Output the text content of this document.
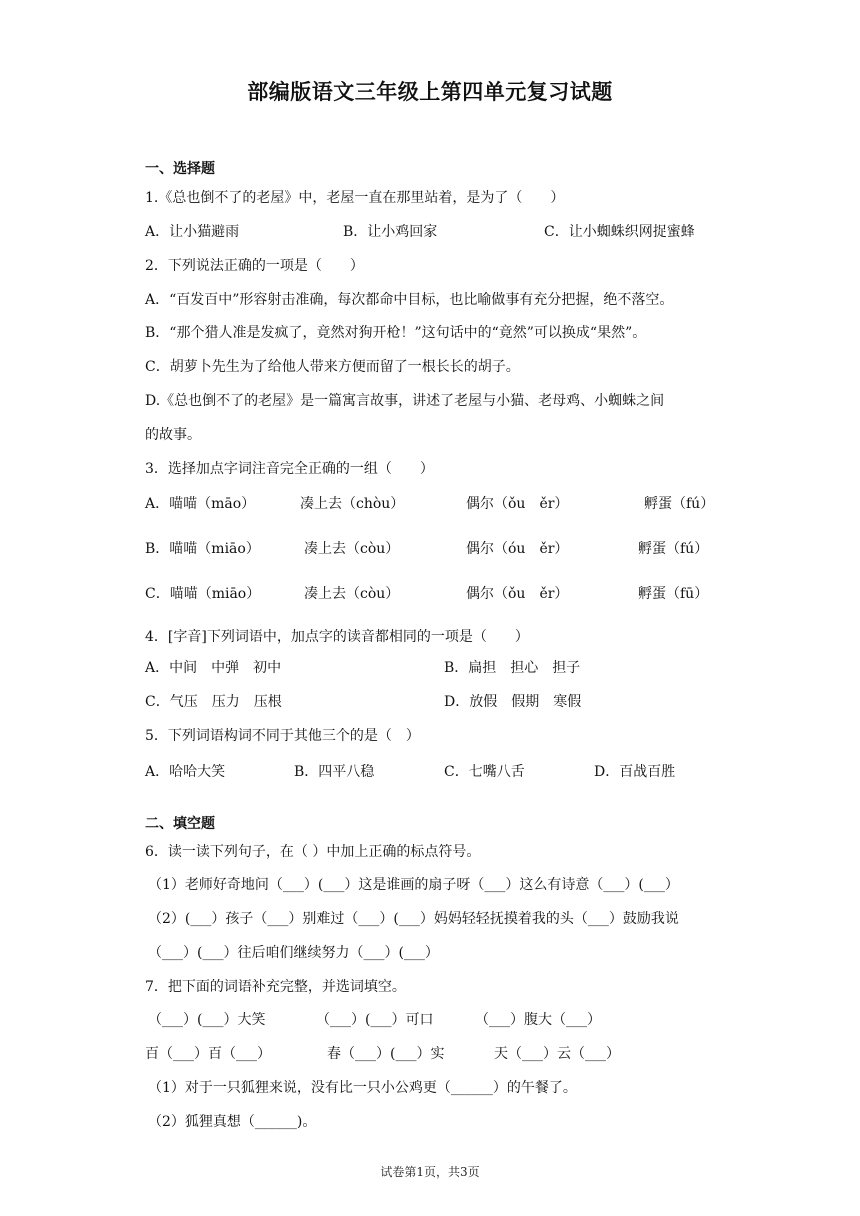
部编版语文三年级上第四单元复习试题
一、选择题
1.《总也倒不了的老屋》中，老屋一直在那里站着，是为了（　　）
A．让小猫避雨	B．让小鸡回家	C．让小蜘蛛织网捉蜜蜂
2．下列说法正确的一项是（　　）
A．“百发百中”形容射击准确，每次都命中目标，也比喻做事有充分把握，绝不落空。
B．“那个猎人准是发疯了，竟然对狗开枪！”这句话中的“竟然”可以换成“果然”。
C．胡萝卜先生为了给他人带来方便而留了一根长长的胡子。
D.《总也倒不了的老屋》是一篇寓言故事，讲述了老屋与小猫、老母鸡、小蜘蛛之间
的故事。
3．选择加点字词注音完全正确的一组（　　）
A．喵喵（māo）	凑上去（chòu）	偶尔（ǒu　ěr）	孵蛋（fú）
B．喵喵（miāo）	凑上去（còu）	偶尔（óu　ěr）	孵蛋（fú）
C．喵喵（miāo）	凑上去（còu）	偶尔（ǒu　ěr）	孵蛋（fū）
4．[字音]下列词语中，加点字的读音都相同的一项是（　　）
A．中间　中弹　初中	B．扁担　担心　担子
C．气压　压力　压根	D．放假　假期　寒假
5．下列词语构词不同于其他三个的是（　）
A．哈哈大笑	B．四平八稳	C．七嘴八舌	D．百战百胜
二、填空题
6．读一读下列句子，在（ ）中加上正确的标点符号。
（1）老师好奇地问（___）(___）这是谁画的扇子呀（___）这么有诗意（___）(___）
（2）(___）孩子（___）别难过（___）(___）妈妈轻轻抚摸着我的头（___）鼓励我说
（___）(___）往后咱们继续努力（___）(___）
7．把下面的词语补充完整，并选词填空。
（___）(___）大笑	（___）(___）可口	（___）腹大（___）
百（___）百（___）	春（___）(___）实	天（___）云（___）
（1）对于一只狐狸来说，没有比一只小公鸡更（______）的午餐了。
（2）狐狸真想（______)。
试卷第1页，共3页
